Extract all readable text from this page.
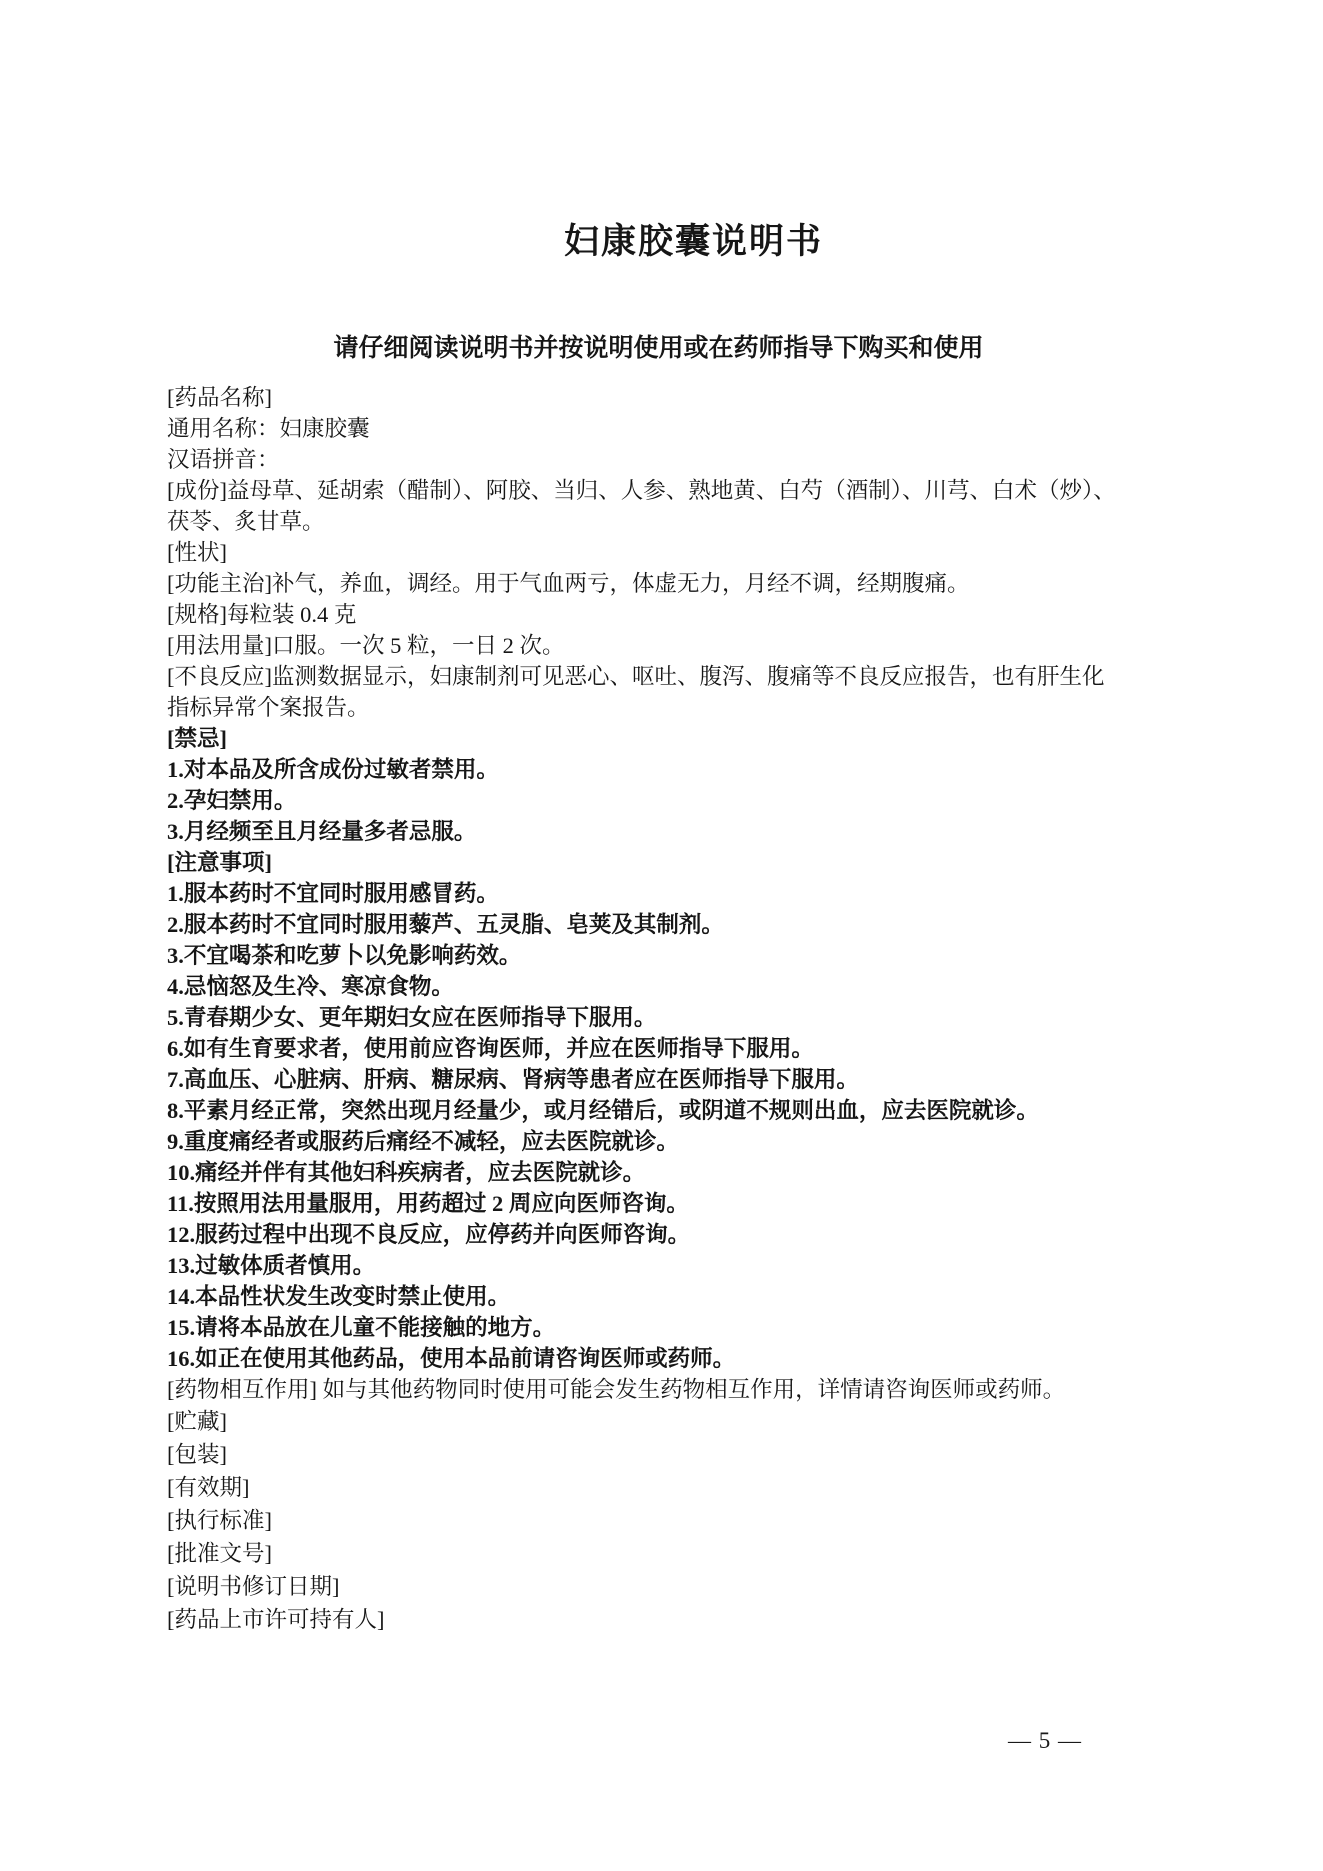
妇康胶囊说明书
请仔细阅读说明书并按说明使用或在药师指导下购买和使用

[药品名称]

通用名称：妇康胶囊

汉语拼音：

[成份]益母草、延胡索（醋制）、阿胶、当归、人参、熟地黄、白芍（酒制）、川芎、白术（炒）、

茯苓、炙甘草。

[性状]

[功能主治]补气，养血，调经。用于气血两亏，体虚无力，月经不调，经期腹痛。

[规格]每粒装 0.4 克

[用法用量]口服。一次 5 粒，一日 2 次。

[不良反应]监测数据显示，妇康制剂可见恶心、呕吐、腹泻、腹痛等不良反应报告，也有肝生化

指标异常个案报告。

[禁忌]

1.对本品及所含成份过敏者禁用。

2.孕妇禁用。

3.月经频至且月经量多者忌服。

[注意事项]

1.服本药时不宜同时服用感冒药。

2.服本药时不宜同时服用藜芦、五灵脂、皂荚及其制剂。

3.不宜喝茶和吃萝卜以免影响药效。

4.忌恼怒及生冷、寒凉食物。

5.青春期少女、更年期妇女应在医师指导下服用。

6.如有生育要求者，使用前应咨询医师，并应在医师指导下服用。

7.高血压、心脏病、肝病、糖尿病、肾病等患者应在医师指导下服用。

8.平素月经正常，突然出现月经量少，或月经错后，或阴道不规则出血，应去医院就诊。

9.重度痛经者或服药后痛经不减轻，应去医院就诊。

10.痛经并伴有其他妇科疾病者，应去医院就诊。

11.按照用法用量服用，用药超过 2 周应向医师咨询。

12.服药过程中出现不良反应，应停药并向医师咨询。

13.过敏体质者慎用。

14.本品性状发生改变时禁止使用。

15.请将本品放在儿童不能接触的地方。

16.如正在使用其他药品，使用本品前请咨询医师或药师。

[药物相互作用] 如与其他药物同时使用可能会发生药物相互作用，详情请咨询医师或药师。

[贮藏]

[包装]

[有效期]

[执行标准]

[批准文号]

[说明书修订日期]

[药品上市许可持有人]

— 5 —
